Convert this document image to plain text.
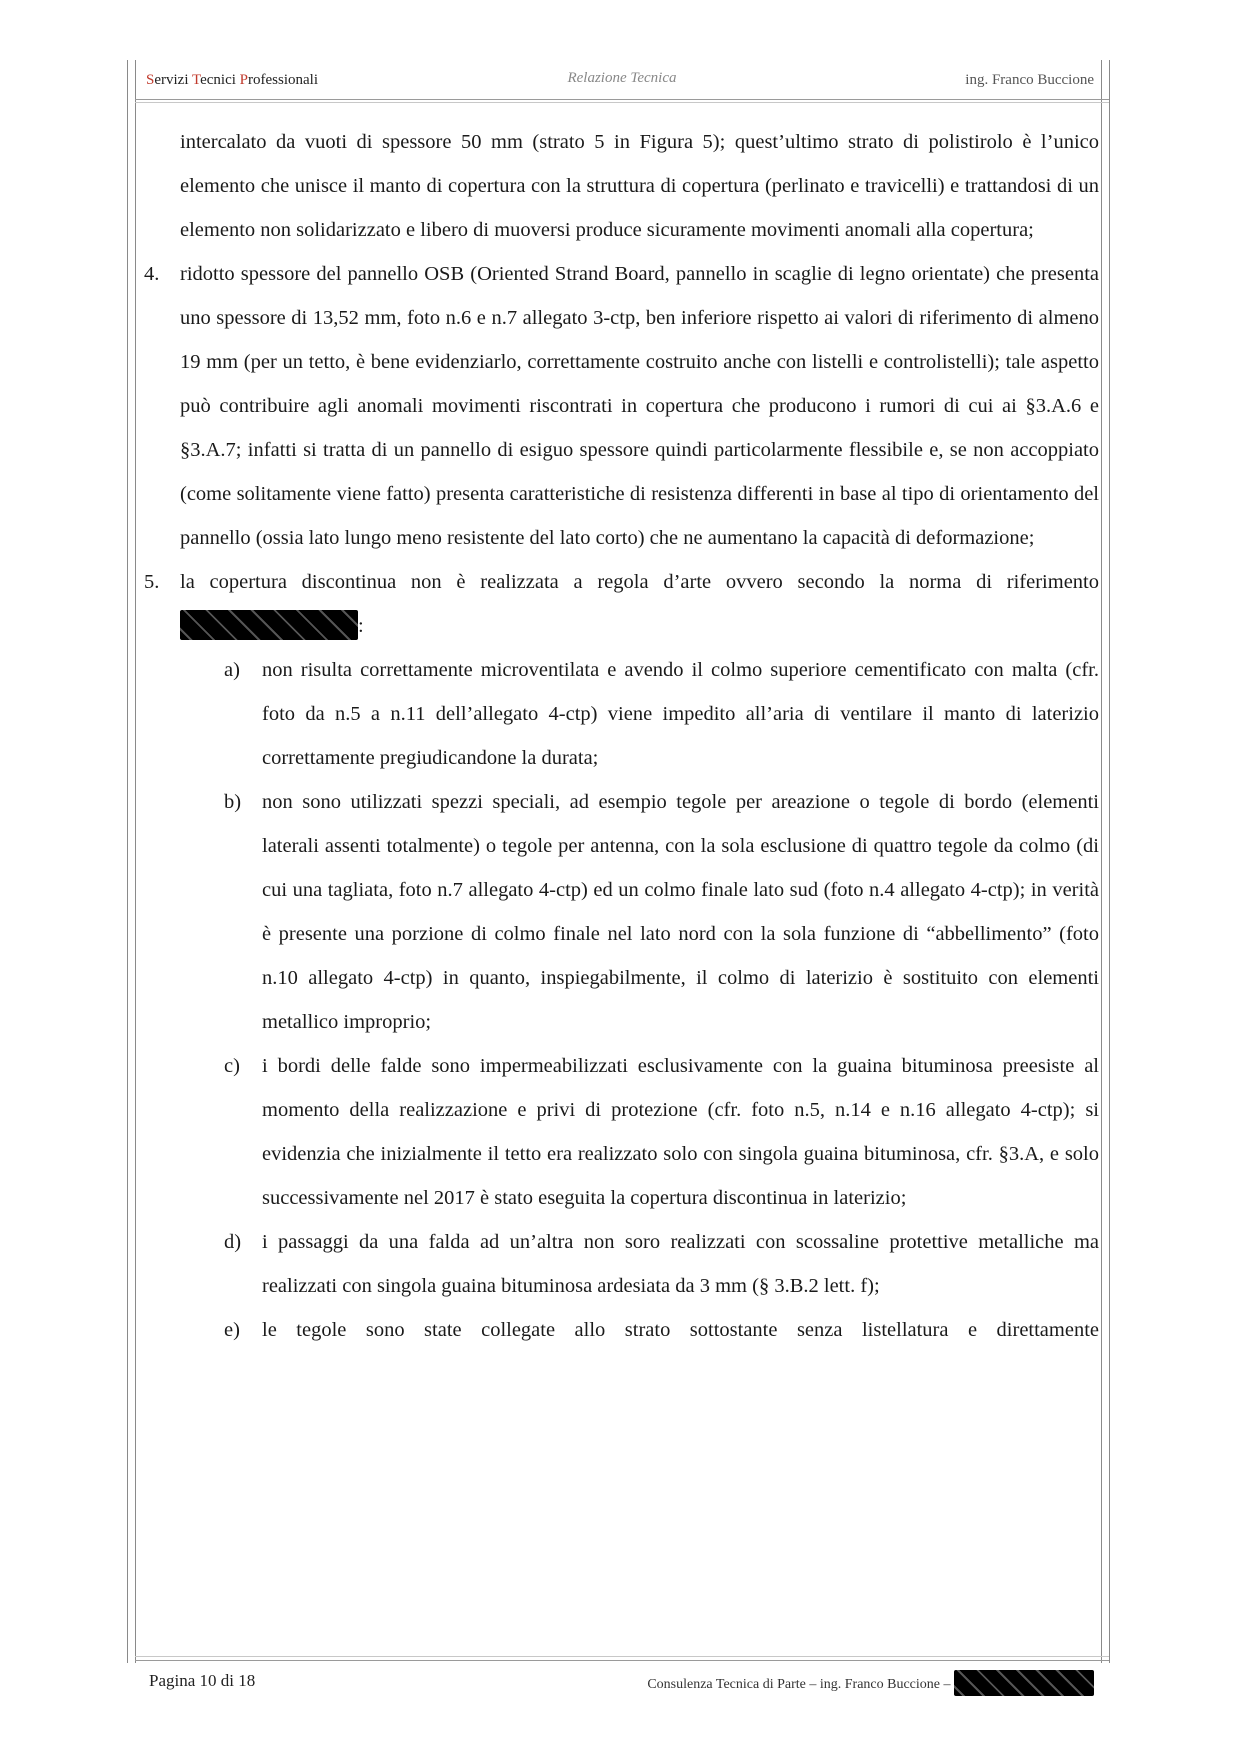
Servizi Tecnici Professionali	Relazione Tecnica	ing. Franco Buccione
intercalato da vuoti di spessore 50 mm (strato 5 in Figura 5); quest’ultimo strato di polistirolo è l’unico elemento che unisce il manto di copertura con la struttura di copertura (perlinato e travicelli) e trattandosi di un elemento non solidarizzato e libero di muoversi produce sicuramente movimenti anomali alla copertura;
4.	ridotto spessore del pannello OSB (Oriented Strand Board, pannello in scaglie di legno orientate) che presenta uno spessore di 13,52 mm, foto n.6 e n.7 allegato 3-ctp, ben inferiore rispetto ai valori di riferimento di almeno 19 mm (per un tetto, è bene evidenziarlo, correttamente costruito anche con listelli e controlistelli); tale aspetto può contribuire agli anomali movimenti riscontrati in copertura che producono i rumori di cui ai §3.A.6 e §3.A.7; infatti si tratta di un pannello di esiguo spessore quindi particolarmente flessibile e, se non accoppiato (come solitamente viene fatto) presenta caratteristiche di resistenza differenti in base al tipo di orientamento del pannello (ossia lato lungo meno resistente del lato corto) che ne aumentano la capacità di deformazione;
5.	la copertura discontinua non è realizzata a regola d’arte ovvero secondo la norma di riferimento :
a)	non risulta correttamente microventilata e avendo il colmo superiore cementificato con malta (cfr. foto da n.5 a n.11 dell’allegato 4-ctp) viene impedito all’aria di ventilare il manto di laterizio correttamente pregiudicandone la durata;
b)	non sono utilizzati spezzi speciali, ad esempio tegole per areazione o tegole di bordo (elementi laterali assenti totalmente) o tegole per antenna, con la sola esclusione di quattro tegole da colmo (di cui una tagliata, foto n.7 allegato 4-ctp) ed un colmo finale lato sud (foto n.4 allegato 4-ctp); in verità è presente una porzione di colmo finale nel lato nord con la sola funzione di “abbellimento” (foto n.10 allegato 4-ctp) in quanto, inspiegabilmente, il colmo di laterizio è sostituito con elementi metallico improprio;
c)	i bordi delle falde sono impermeabilizzati esclusivamente con la guaina bituminosa preesiste al momento della realizzazione e privi di protezione (cfr. foto n.5, n.14 e n.16 allegato 4-ctp); si evidenzia che inizialmente il tetto era realizzato solo con singola guaina bituminosa, cfr. §3.A, e solo successivamente nel 2017 è stato eseguita la copertura discontinua in laterizio;
d)	i passaggi da una falda ad un’altra non soro realizzati con scossaline protettive metalliche ma realizzati con singola guaina bituminosa ardesiata da 3 mm (§ 3.B.2 lett. f);
e)	le tegole sono state collegate allo strato sottostante senza listellatura e direttamente
Pagina 10 di 18	Consulenza Tecnica di Parte – ing. Franco Buccione –
